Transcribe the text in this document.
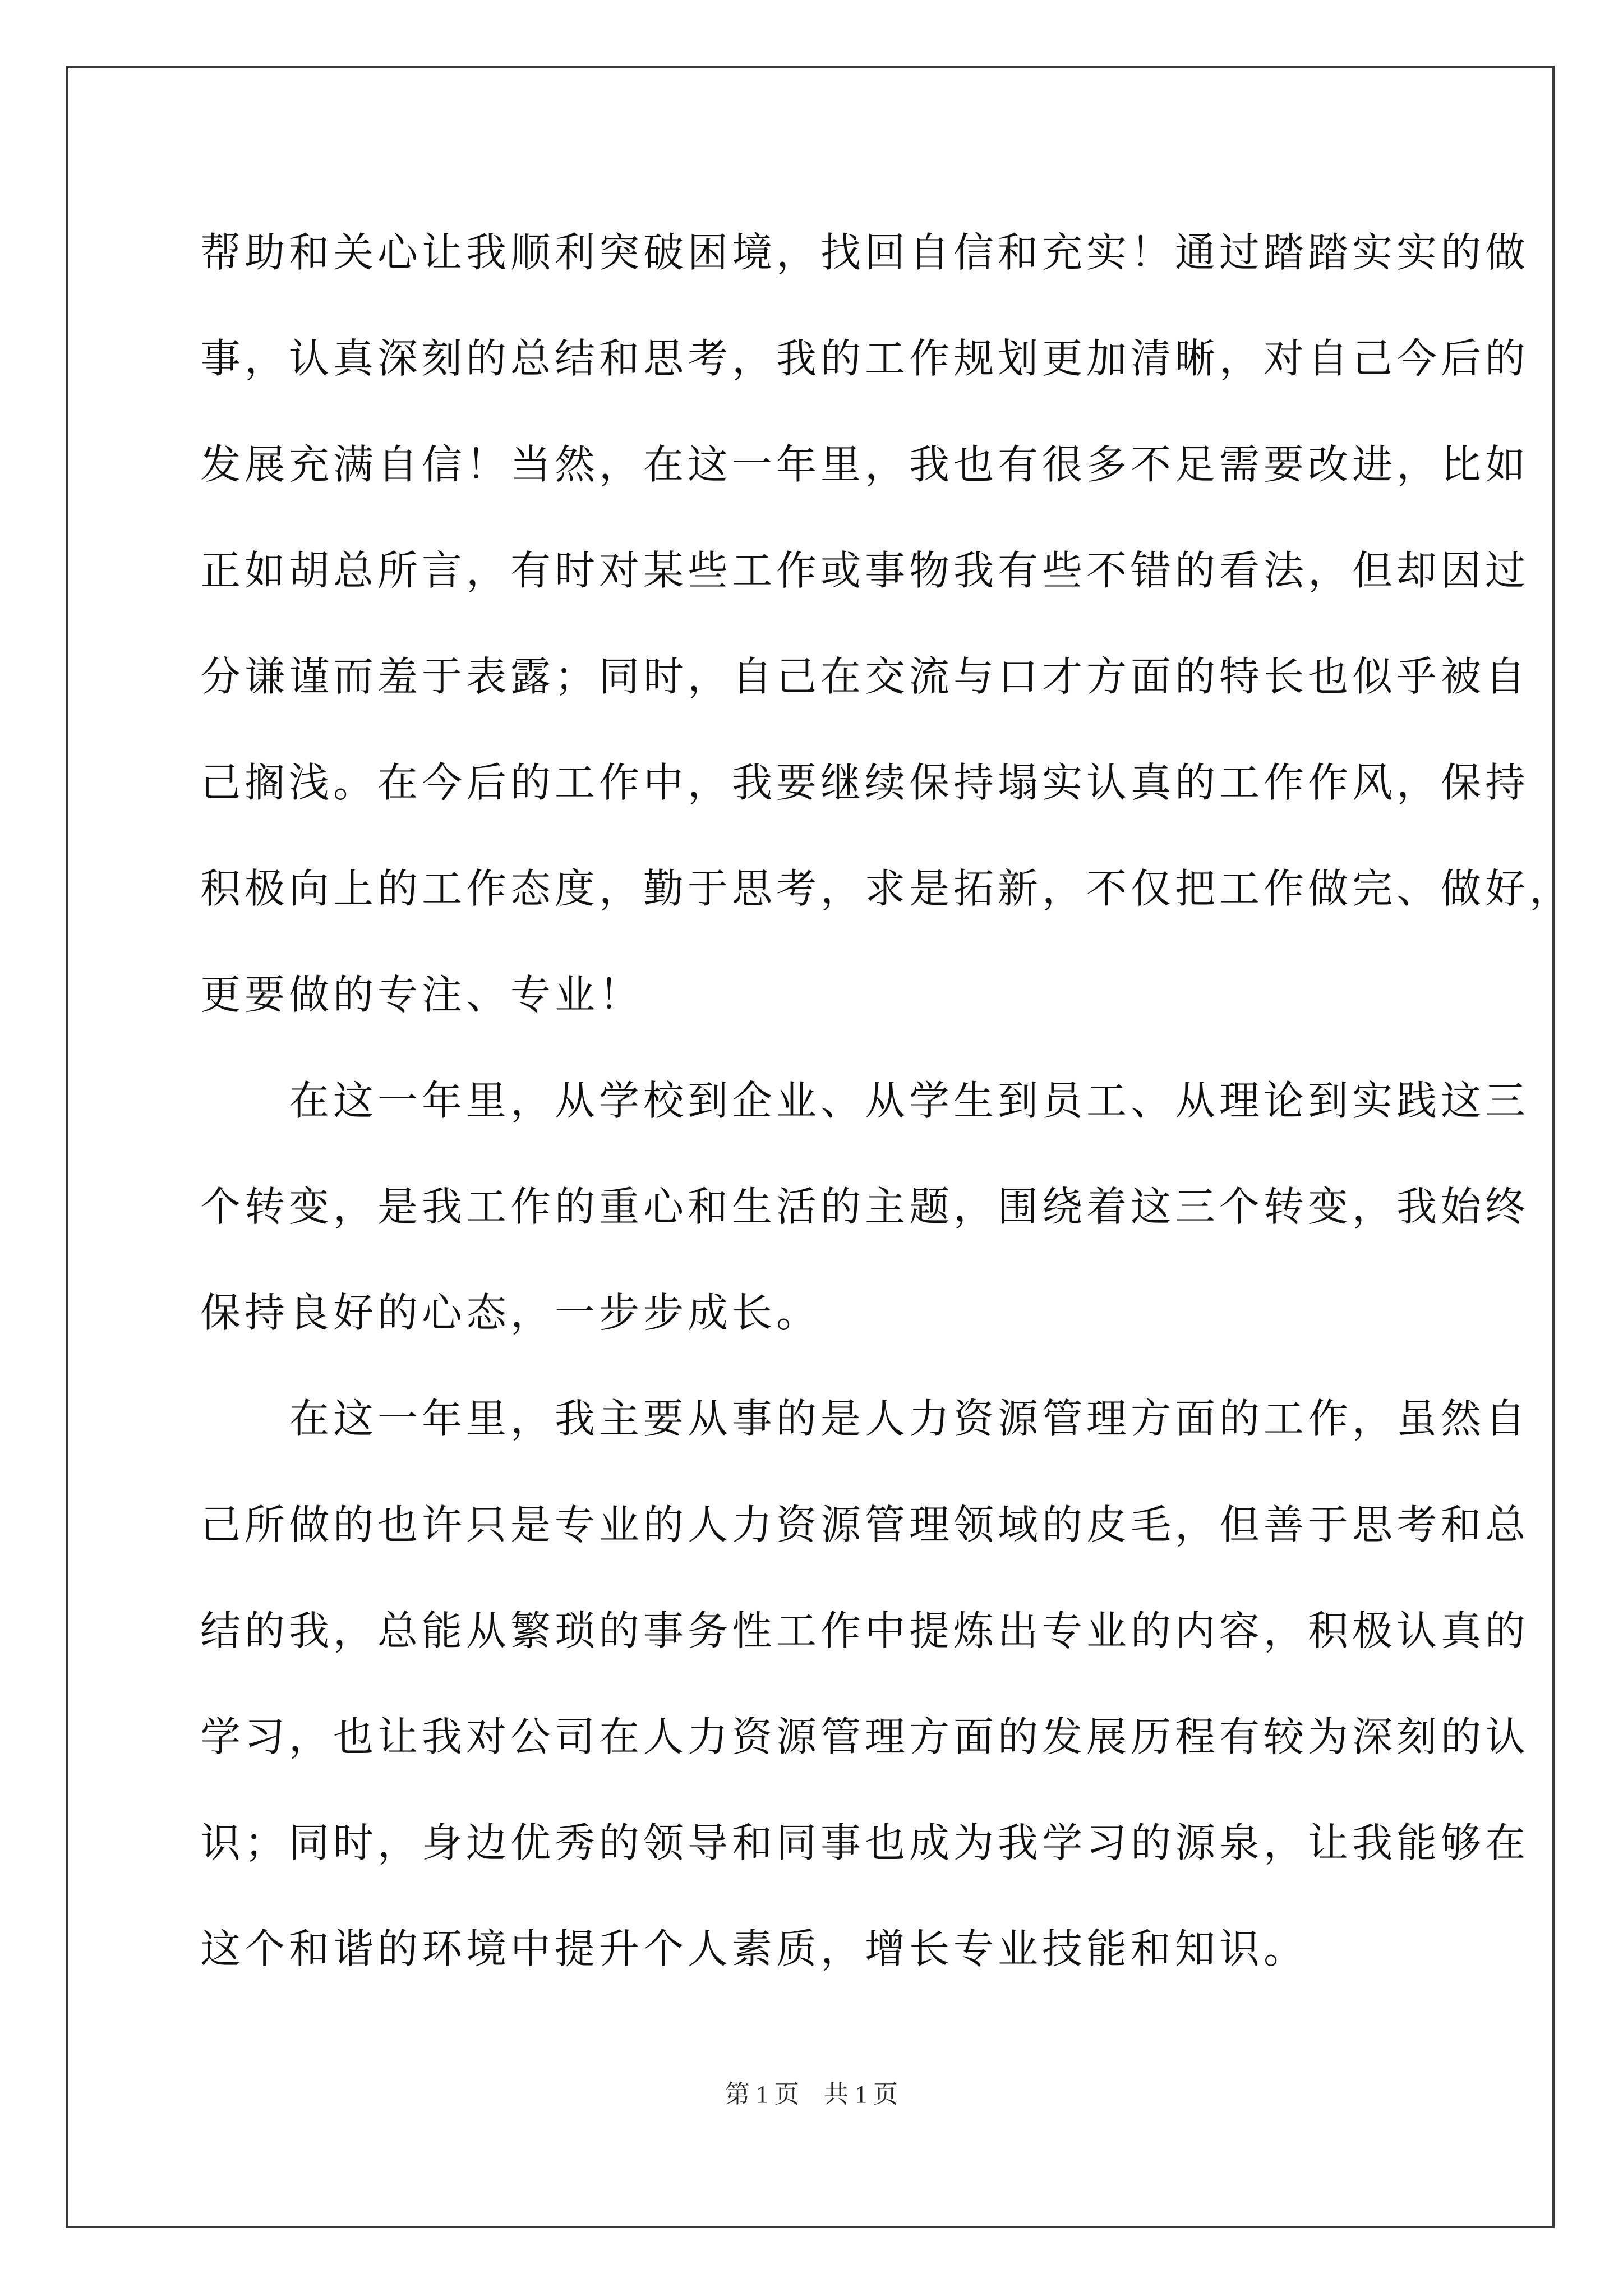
帮助和关心让我顺利突破困境，找回自信和充实！通过踏踏实实的做
事，认真深刻的总结和思考，我的工作规划更加清晰，对自己今后的
发展充满自信！当然，在这一年里，我也有很多不足需要改进，比如
正如胡总所言，有时对某些工作或事物我有些不错的看法，但却因过
分谦谨而羞于表露；同时，自己在交流与口才方面的特长也似乎被自
己搁浅。在今后的工作中，我要继续保持塌实认真的工作作风，保持
积极向上的工作态度，勤于思考，求是拓新，不仅把工作做完、做好，
更要做的专注、专业！
　　在这一年里，从学校到企业、从学生到员工、从理论到实践这三
个转变，是我工作的重心和生活的主题，围绕着这三个转变，我始终
保持良好的心态，一步步成长。
　　在这一年里，我主要从事的是人力资源管理方面的工作，虽然自
己所做的也许只是专业的人力资源管理领域的皮毛，但善于思考和总
结的我，总能从繁琐的事务性工作中提炼出专业的内容，积极认真的
学习，也让我对公司在人力资源管理方面的发展历程有较为深刻的认
识；同时，身边优秀的领导和同事也成为我学习的源泉，让我能够在
这个和谐的环境中提升个人素质，增长专业技能和知识。
第 1 页　共 1 页
